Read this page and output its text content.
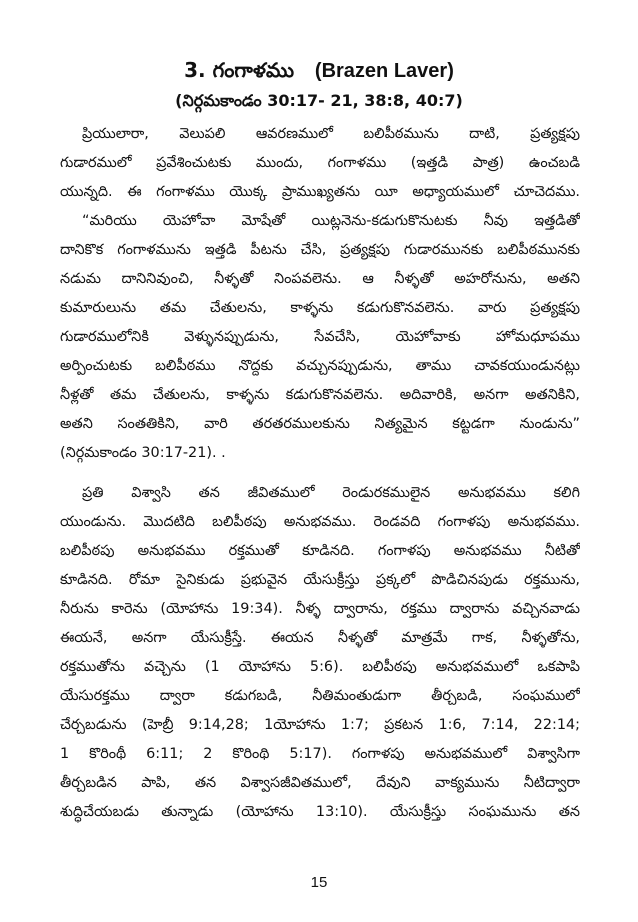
3. గంగాళము (Brazen Laver)
(నిర్గమకాండం 30:17- 21, 38:8, 40:7)
ప్రియులారా, వెలుపలి ఆవరణములో బలిపీఠమును దాటి, ప్రత్యక్షపు
గుడారములో ప్రవేశించుటకు ముందు, గంగాళము (ఇత్తడి పాత్ర) ఉంచబడి
యున్నది. ఈ గంగాళము యొక్క ప్రాముఖ్యతను యీ అధ్యాయములో చూచెదము.
“మరియు యెహోవా మోషేతో యిట్లనెను-కడుగుకొనుటకు నీవు ఇత్తడితో
దానికొక గంగాళమును ఇత్తడి పీటను చేసి, ప్రత్యక్షపు గుడారమునకు బలిపీఠమునకు
నడుమ దానినివుంచి, నీళ్ళతో నింపవలెను. ఆ నీళ్ళతో అహరోనును, అతని
కుమారులును తమ చేతులను, కాళ్ళను కడుగుకొనవలెను. వారు ప్రత్యక్షపు
గుడారములోనికి వెళ్ళునప్పుడును, సేవచేసి, యెహోవాకు హోమధూపము
అర్పించుటకు బలిపీఠము నొద్దకు వచ్చునప్పుడును, తాము చావకయుండునట్లు
నీళ్లతో తమ చేతులను, కాళ్ళను కడుగుకొనవలెను. అదివారికి, అనగా అతనికిని,
అతని సంతతికిని, వారి తరతరములకును నిత్యమైన కట్టడగా నుండును”
(నిర్గమకాండం 30:17-21). .
ప్రతి విశ్వాసి తన జీవితములో రెండురకములైన అనుభవము కలిగి
యుండును. మొదటిది బలిపీఠపు అనుభవము. రెండవది గంగాళపు అనుభవము.
బలిపీఠపు అనుభవము రక్తముతో కూడినది. గంగాళపు అనుభవము నీటితో
కూడినది. రోమా సైనికుడు ప్రభువైన యేసుక్రీస్తు ప్రక్కలో పొడిచినపుడు రక్తమును,
నీరును కారెను (యోహాను 19:34). నీళ్ళ ద్వారాను, రక్తము ద్వారాను వచ్చినవాడు
ఈయనే, అనగా యేసుక్రీస్తే. ఈయన నీళ్ళతో మాత్రమే గాక, నీళ్ళతోను,
రక్తముతోను వచ్చెను (1 యోహాను 5:6). బలిపీఠపు అనుభవములో ఒకపాపి
యేసురక్తము ద్వారా కడుగబడి, నీతిమంతుడుగా తీర్చబడి, సంఘములో
చేర్చబడును (హెబ్రీ 9:14,28; 1యోహాను 1:7; ప్రకటన 1:6, 7:14, 22:14;
1 కొరింథీ 6:11; 2 కొరింథి 5:17). గంగాళపు అనుభవములో విశ్వాసిగా
తీర్చబడిన పాపి, తన విశ్వాసజీవితములో, దేవుని వాక్యమును నీటిద్వారా
శుద్ధిచేయబడు తున్నాడు (యోహాను 13:10). యేసుక్రీస్తు సంఘమును తన
15
